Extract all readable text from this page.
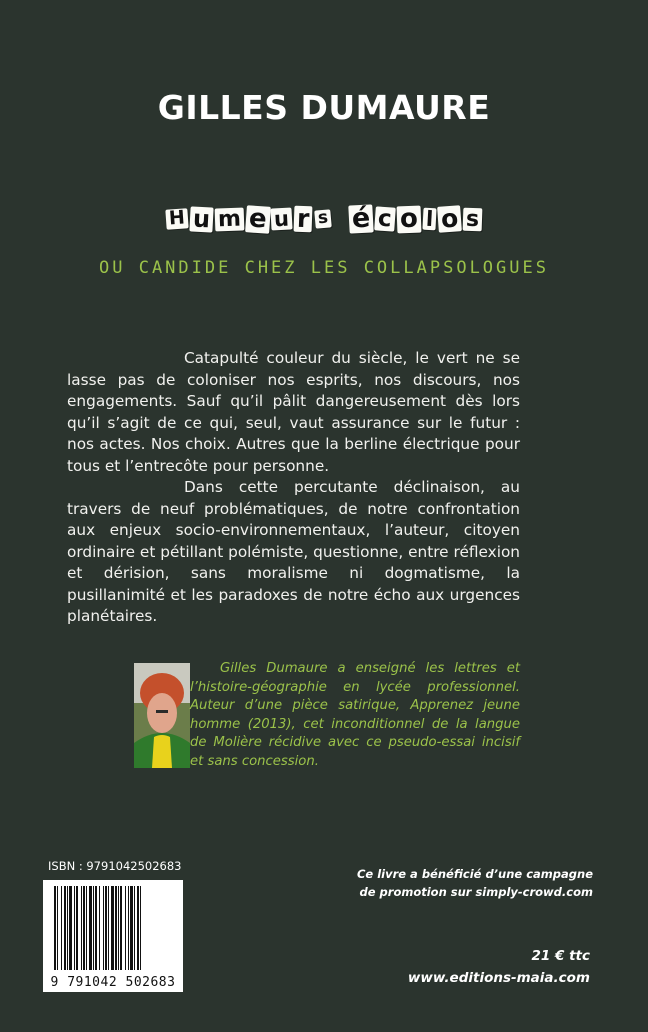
GILLES DUMAURE
H u m e u r s é c o l o s
OU CANDIDE CHEZ LES COLLAPSOLOGUES

Catapulté couleur du siècle, le vert ne se lasse pas de coloniser nos esprits, nos discours, nos engagements. Sauf qu’il pâlit dangereusement dès lors qu’il s’agit de ce qui, seul, vaut assurance sur le futur : nos actes. Nos choix. Autres que la berline électrique pour tous et l’entrecôte pour personne.

Dans cette percutante déclinaison, au travers de neuf problématiques, de notre confrontation aux enjeux socio-environnementaux, l’auteur, citoyen ordinaire et pétillant polémiste, questionne, entre réflexion et dérision, sans moralisme ni dogmatisme, la pusillanimité et les paradoxes de notre écho aux urgences planétaires.

Gilles Dumaure a enseigné les lettres et l’histoire-géographie en lycée professionnel. Auteur d’une pièce satirique, Apprenez jeune homme (2013), cet inconditionnel de la langue de Molière récidive avec ce pseudo-essai incisif et sans concession.

ISBN : 9791042502683
9 791042 502683
Ce livre a bénéficié d’une campagne
de promotion sur simply-crowd.com
21 € ttc
www.editions-maia.com
